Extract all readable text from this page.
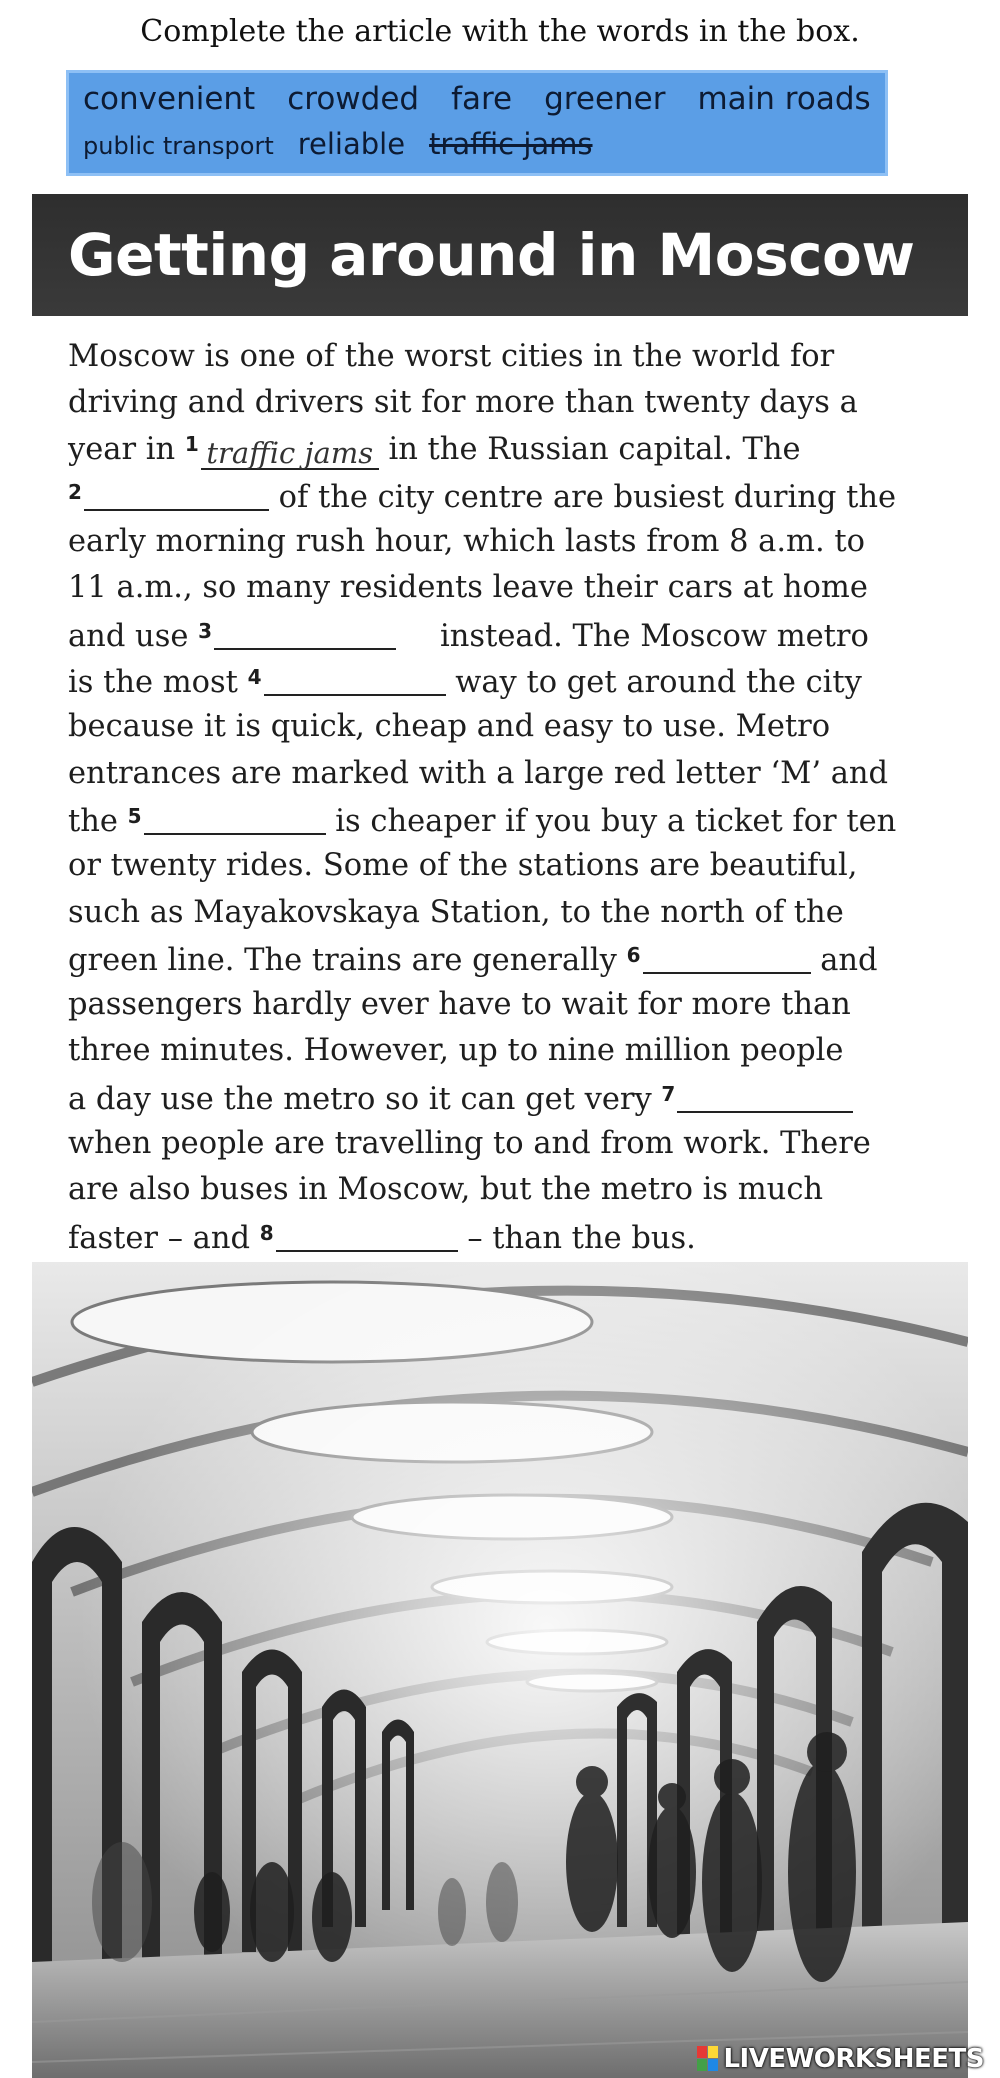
Complete the article with the words in the box.
convenient crowded fare greener main roads
public transport reliable traffic jams
Getting around in Moscow
Moscow is one of the worst cities in the world for
driving and drivers sit for more than twenty days a
year in $^1$ traffic jams in the Russian capital. The
$^2$	of the city centre are busiest during the
early morning rush hour, which lasts from 8 a.m. to
11 a.m., so many residents leave their cars at home
and use $^3$	instead. The Moscow metro
is the most $^4$	way to get around the city
because it is quick, cheap and easy to use. Metro
entrances are marked with a large red letter ‘M’ and
the $^5$	is cheaper if you buy a ticket for ten
or twenty rides. Some of the stations are beautiful,
such as Mayakovskaya Station, to the north of the
green line. The trains are generally $^6$	and
passengers hardly ever have to wait for more than
three minutes. However, up to nine million people
a day use the metro so it can get very $^7$
when people are travelling to and from work. There
are also buses in Moscow, but the metro is much
faster – and $^8$	– than the bus.
LIVEWORKSHEETS
